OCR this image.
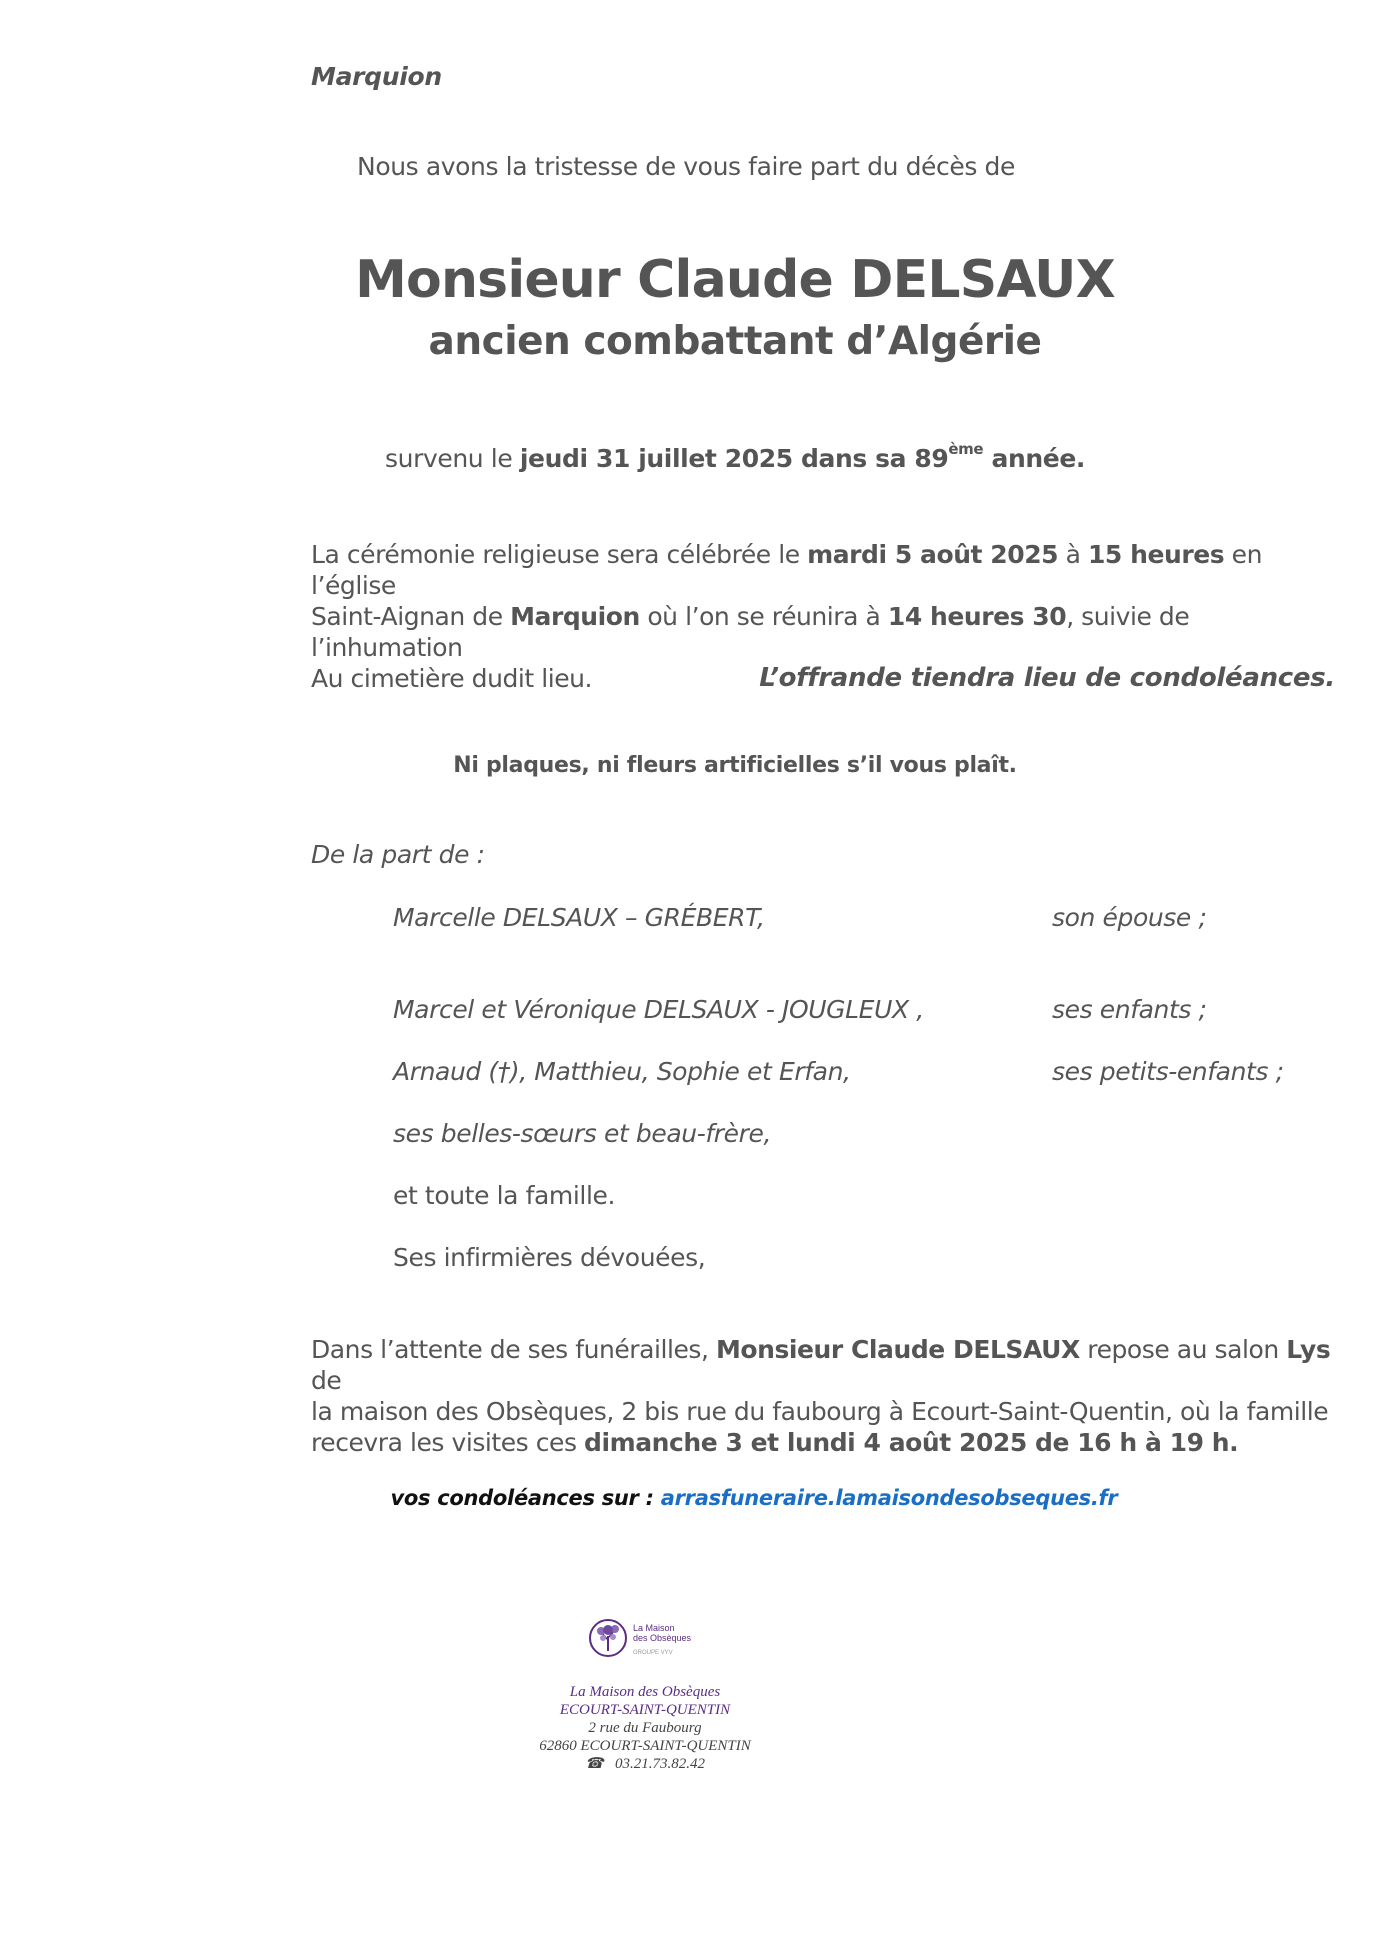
Marquion
Nous avons la tristesse de vous faire part du décès de
Monsieur Claude DELSAUX
ancien combattant d’Algérie
survenu le jeudi 31 juillet 2025 dans sa 89ème année.
La cérémonie religieuse sera célébrée le mardi 5 août 2025 à 15 heures en l’église
Saint-Aignan de Marquion où l’on se réunira à 14 heures 30, suivie de l’inhumation
Au cimetière dudit lieu.	L’offrande tiendra lieu de condoléances.
Ni plaques, ni fleurs artificielles s’il vous plaît.
De la part de :
Marcelle DELSAUX – GRÉBERT,	son épouse ;
Marcel et Véronique DELSAUX - JOUGLEUX ,	ses enfants ;
Arnaud (†), Matthieu, Sophie et Erfan,	ses petits-enfants ;
ses belles-sœurs et beau-frère,
et toute la famille.
Ses infirmières dévouées,
Dans l’attente de ses funérailles, Monsieur Claude DELSAUX repose au salon Lys de
la maison des Obsèques, 2 bis rue du faubourg à Ecourt-Saint-Quentin, où la famille
recevra les visites ces dimanche 3 et lundi 4 août 2025 de 16 h à 19 h.
vos condoléances sur : arrasfuneraire.lamaisondesobseques.fr
La Maison
des Obsèques
GROUPE VYV
La Maison des Obsèques
ECOURT-SAINT-QUENTIN
2 rue du Faubourg
62860 ECOURT-SAINT-QUENTIN
☎ 03.21.73.82.42
